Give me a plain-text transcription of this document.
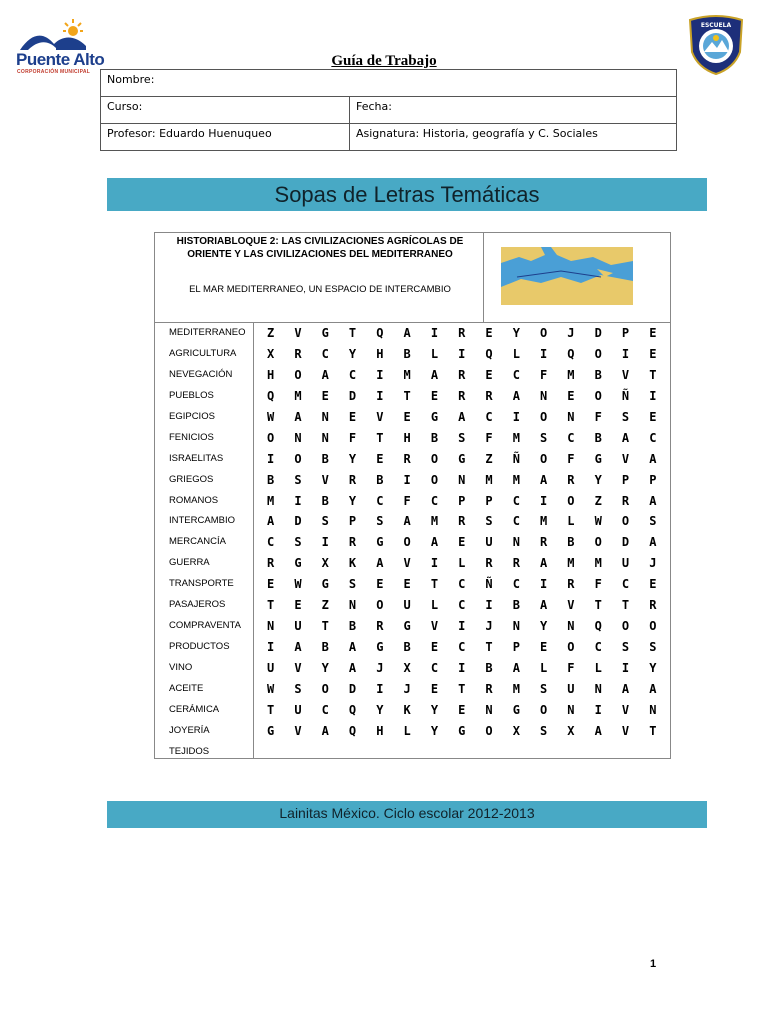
Puente Alto
CORPORACIÓN MUNICIPAL
ESCUELA
Guía de Trabajo
Nombre:	
Curso:	Fecha:
Profesor: Eduardo Huenuqueo	Asignatura: Historia, geografía y C. Sociales
Sopas de Letras Temáticas
HISTORIABLOQUE 2: LAS CIVILIZACIONES AGRÍCOLAS DE ORIENTE Y LAS CIVILIZACIONES DEL MEDITERRANEO
EL MAR MEDITERRANEO, UN ESPACIO DE INTERCAMBIO
MEDITERRANEO
AGRICULTURA
NEVEGACIÓN
PUEBLOS
EGIPCIOS
FENICIOS
ISRAELITAS
GRIEGOS
ROMANOS
INTERCAMBIO
MERCANCÍA
GUERRA
TRANSPORTE
PASAJEROS
COMPRAVENTA
PRODUCTOS
VINO
ACEITE
CERÁMICA
JOYERÍA
TEJIDOS
Z	V	G	T	Q	A	I	R	E	Y	O	J	D	P	E
X	R	C	Y	H	B	L	I	Q	L	I	Q	O	I	E
H	O	A	C	I	M	A	R	E	C	F	M	B	V	T
Q	M	E	D	I	T	E	R	R	A	N	E	O	Ñ	I
W	A	N	E	V	E	G	A	C	I	O	N	F	S	E
O	N	N	F	T	H	B	S	F	M	S	C	B	A	C
I	O	B	Y	E	R	O	G	Z	Ñ	O	F	G	V	A
B	S	V	R	B	I	O	N	M	M	A	R	Y	P	P
M	I	B	Y	C	F	C	P	P	C	I	O	Z	R	A
A	D	S	P	S	A	M	R	S	C	M	L	W	O	S
C	S	I	R	G	O	A	E	U	N	R	B	O	D	A
R	G	X	K	A	V	I	L	R	R	A	M	M	U	J
E	W	G	S	E	E	T	C	Ñ	C	I	R	F	C	E
T	E	Z	N	O	U	L	C	I	B	A	V	T	T	R
N	U	T	B	R	G	V	I	J	N	Y	N	Q	O	O
I	A	B	A	G	B	E	C	T	P	E	O	C	S	S
U	V	Y	A	J	X	C	I	B	A	L	F	L	I	Y
W	S	O	D	I	J	E	T	R	M	S	U	N	A	A
T	U	C	Q	Y	K	Y	E	N	G	O	N	I	V	N
G	V	A	Q	H	L	Y	G	O	X	S	X	A	V	T
Lainitas México. Ciclo escolar 2012-2013
1
